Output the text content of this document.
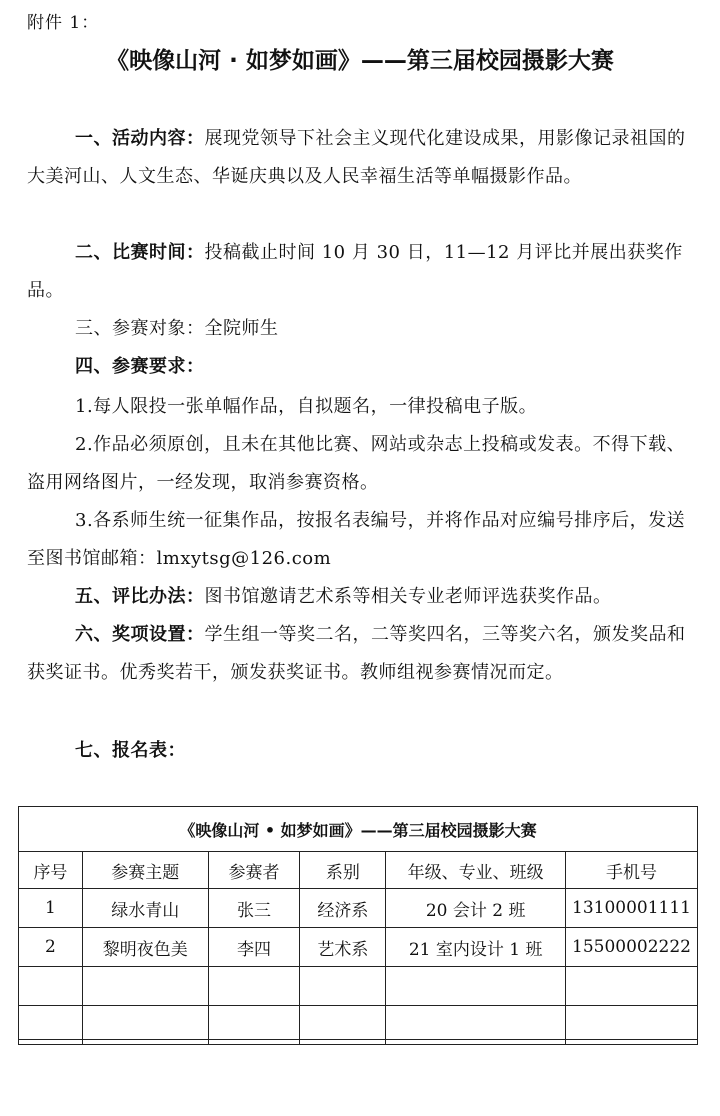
附件 1：
《映像山河 · 如梦如画》——第三届校园摄影大赛
一、活动内容：展现党领导下社会主义现代化建设成果，用影像记录祖国的大美河山、人文生态、华诞庆典以及人民幸福生活等单幅摄影作品。
二、比赛时间：投稿截止时间 10 月 30 日，11—12 月评比并展出获奖作品。
三、参赛对象：全院师生
四、参赛要求：
1.每人限投一张单幅作品，自拟题名，一律投稿电子版。
2.作品必须原创，且未在其他比赛、网站或杂志上投稿或发表。不得下载、盗用网络图片，一经发现，取消参赛资格。
3.各系师生统一征集作品，按报名表编号，并将作品对应编号排序后，发送至图书馆邮箱：lmxytsg@126.com
五、评比办法：图书馆邀请艺术系等相关专业老师评选获奖作品。
六、奖项设置：学生组一等奖二名，二等奖四名，三等奖六名，颁发奖品和获奖证书。优秀奖若干，颁发获奖证书。教师组视参赛情况而定。
七、报名表：
《映像山河 • 如梦如画》——第三届校园摄影大赛					
序号	参赛主题	参赛者	系别	年级、专业、班级	手机号
1	绿水青山	张三	经济系	20 会计 2 班	13100001111
2	黎明夜色美	李四	艺术系	21 室内设计 1 班	15500002222
